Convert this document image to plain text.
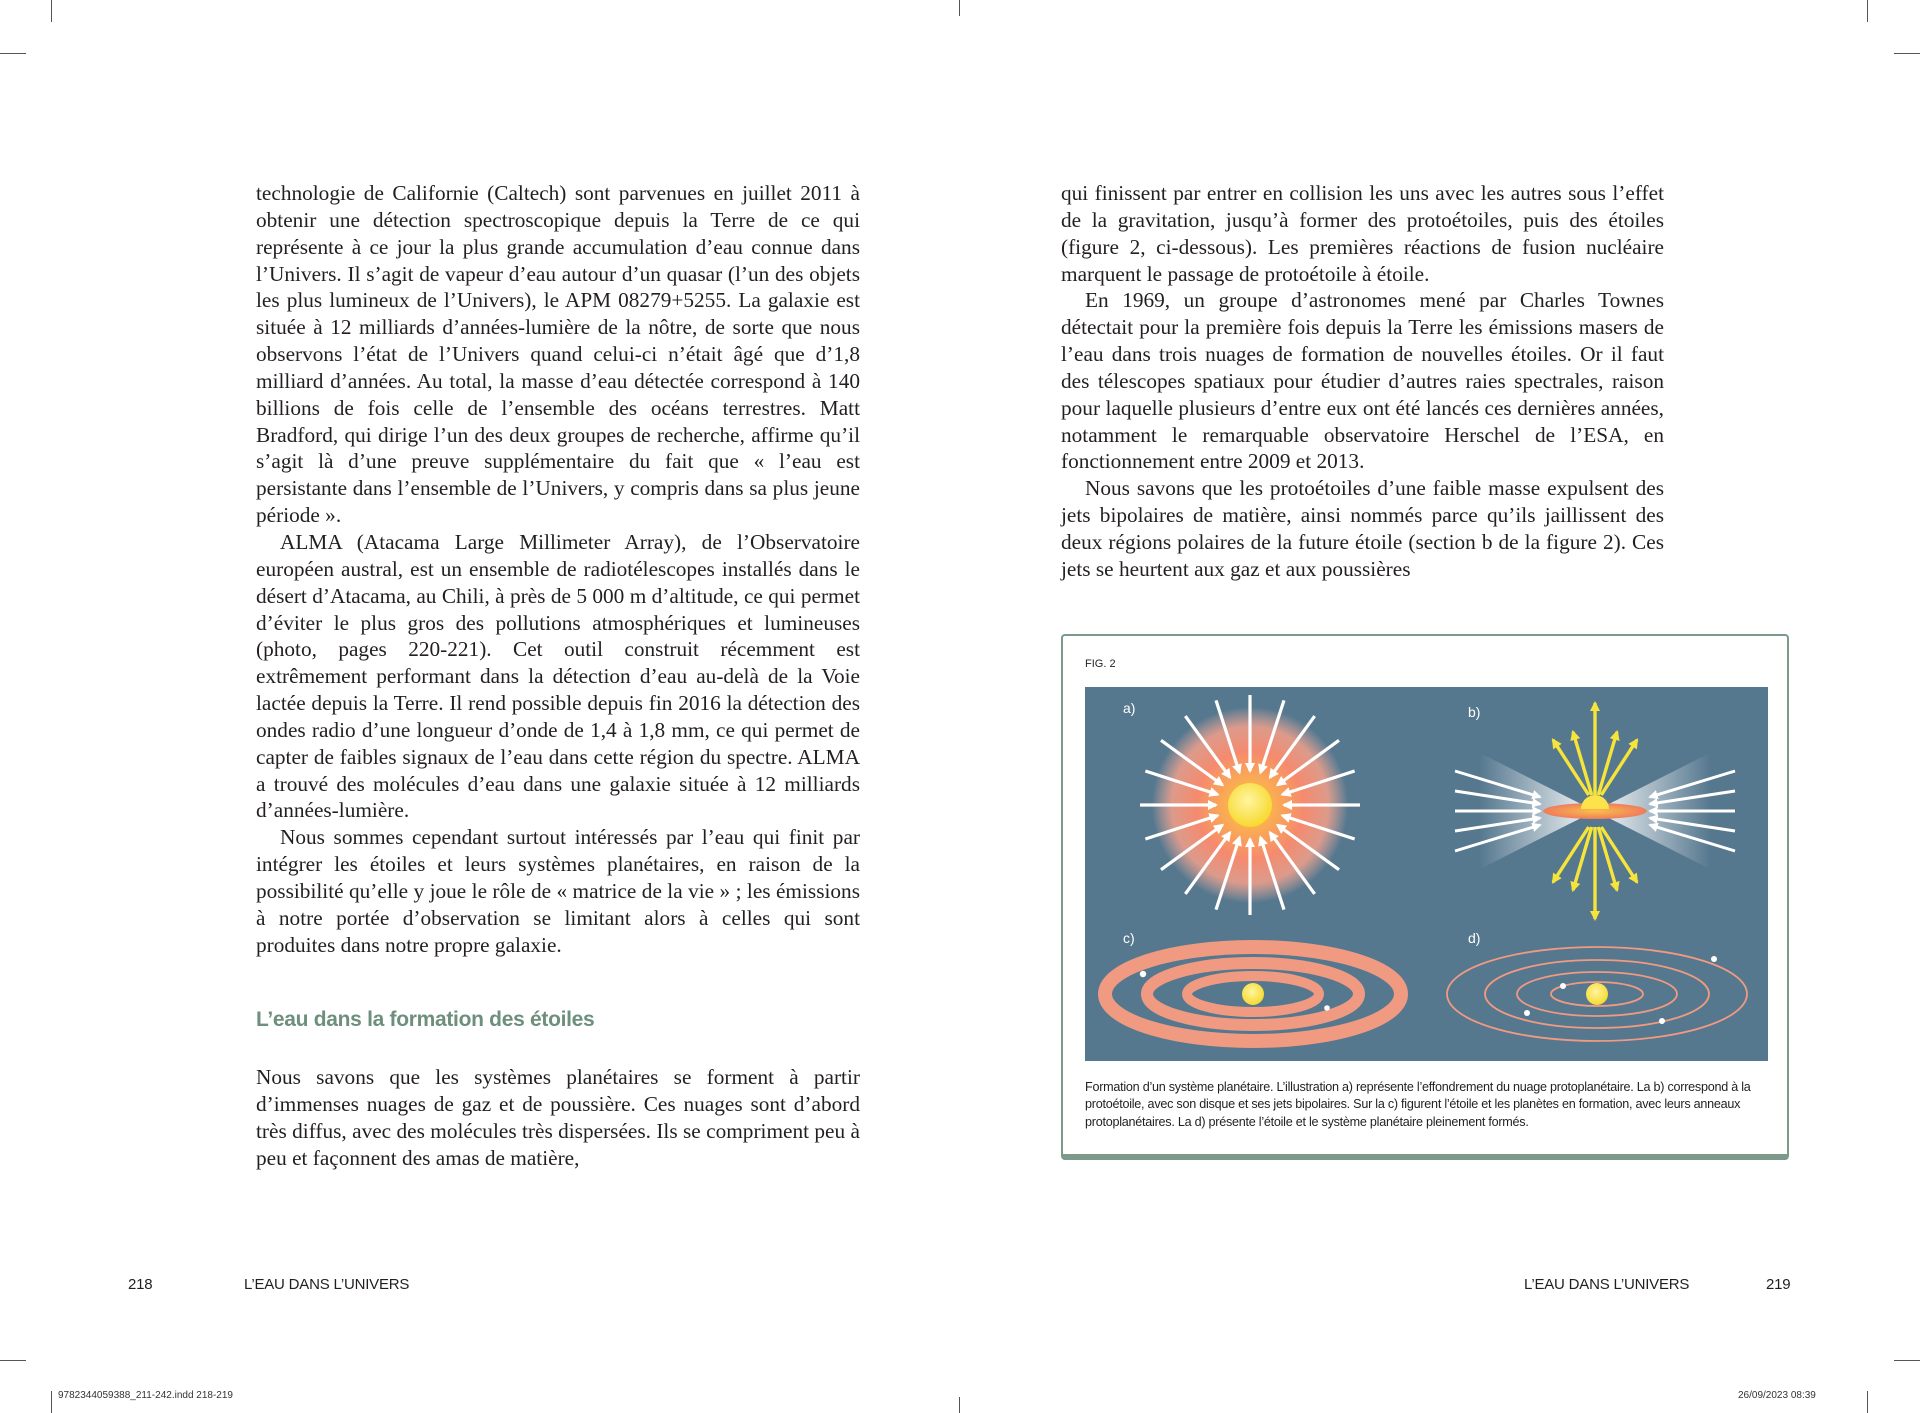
technologie de Californie (Caltech) sont parvenues en juillet 2011 à obtenir une détection spectroscopique depuis la Terre de ce qui représente à ce jour la plus grande accumulation d’eau connue dans l’Univers. Il s’agit de vapeur d’eau autour d’un quasar (l’un des objets les plus lumineux de l’Univers), le APM 08279+5255. La galaxie est située à 12 milliards d’années-lumière de la nôtre, de sorte que nous observons l’état de l’Univers quand celui-ci n’était âgé que d’1,8 milliard d’années. Au total, la masse d’eau détectée correspond à 140 billions de fois celle de l’ensemble des océans terrestres. Matt Bradford, qui dirige l’un des deux groupes de recherche, affirme qu’il s’agit là d’une preuve supplémentaire du fait que « l’eau est persistante dans l’ensemble de l’Univers, y compris dans sa plus jeune période ».

ALMA (Atacama Large Millimeter Array), de l’Observatoire européen austral, est un ensemble de radiotélescopes installés dans le désert d’Atacama, au Chili, à près de 5 000 m d’altitude, ce qui permet d’éviter le plus gros des pollutions atmosphériques et lumineuses (photo, pages 220-221). Cet outil construit récemment est extrêmement performant dans la détection d’eau au-delà de la Voie lactée depuis la Terre. Il rend possible depuis fin 2016 la détection des ondes radio d’une longueur d’onde de 1,4 à 1,8 mm, ce qui permet de capter de faibles signaux de l’eau dans cette région du spectre. ALMA a trouvé des molécules d’eau dans une galaxie située à 12 milliards d’années-lumière.

Nous sommes cependant surtout intéressés par l’eau qui finit par intégrer les étoiles et leurs systèmes planétaires, en raison de la possibilité qu’elle y joue le rôle de « matrice de la vie » ; les émissions à notre portée d’observation se limitant alors à celles qui sont produites dans notre propre galaxie.

L’eau dans la formation des étoiles

Nous savons que les systèmes planétaires se forment à partir d’immenses nuages de gaz et de poussière. Ces nuages sont d’abord très diffus, avec des molécules très dispersées. Ils se compriment peu à peu et façonnent des amas de matière,

218	L’EAU DANS L’UNIVERS

qui finissent par entrer en collision les uns avec les autres sous l’effet de la gravitation, jusqu’à former des protoétoiles, puis des étoiles (figure 2, ci-dessous). Les premières réactions de fusion nucléaire marquent le passage de protoétoile à étoile.

En 1969, un groupe d’astronomes mené par Charles Townes détectait pour la première fois depuis la Terre les émissions masers de l’eau dans trois nuages de formation de nouvelles étoiles. Or il faut des télescopes spatiaux pour étudier d’autres raies spectrales, raison pour laquelle plusieurs d’entre eux ont été lancés ces dernières années, notamment le remarquable observatoire Herschel de l’ESA, en fonctionnement entre 2009 et 2013.

Nous savons que les protoétoiles d’une faible masse expulsent des jets bipolaires de matière, ainsi nommés parce qu’ils jaillissent des deux régions polaires de la future étoile (section b de la figure 2). Ces jets se heurtent aux gaz et aux poussières

FIG. 2
a)	b)
c)	d)
Formation d’un système planétaire. L’illustration a) représente l’effondrement du nuage protoplanétaire. La b) correspond à la protoétoile, avec son disque et ses jets bipolaires. Sur la c) figurent l’étoile et les planètes en formation, avec leurs anneaux protoplanétaires. La d) présente l’étoile et le système planétaire pleinement formés.
L’EAU DANS L’UNIVERS	219
9782344059388_211-242.indd 218-219	26/09/2023 08:39
